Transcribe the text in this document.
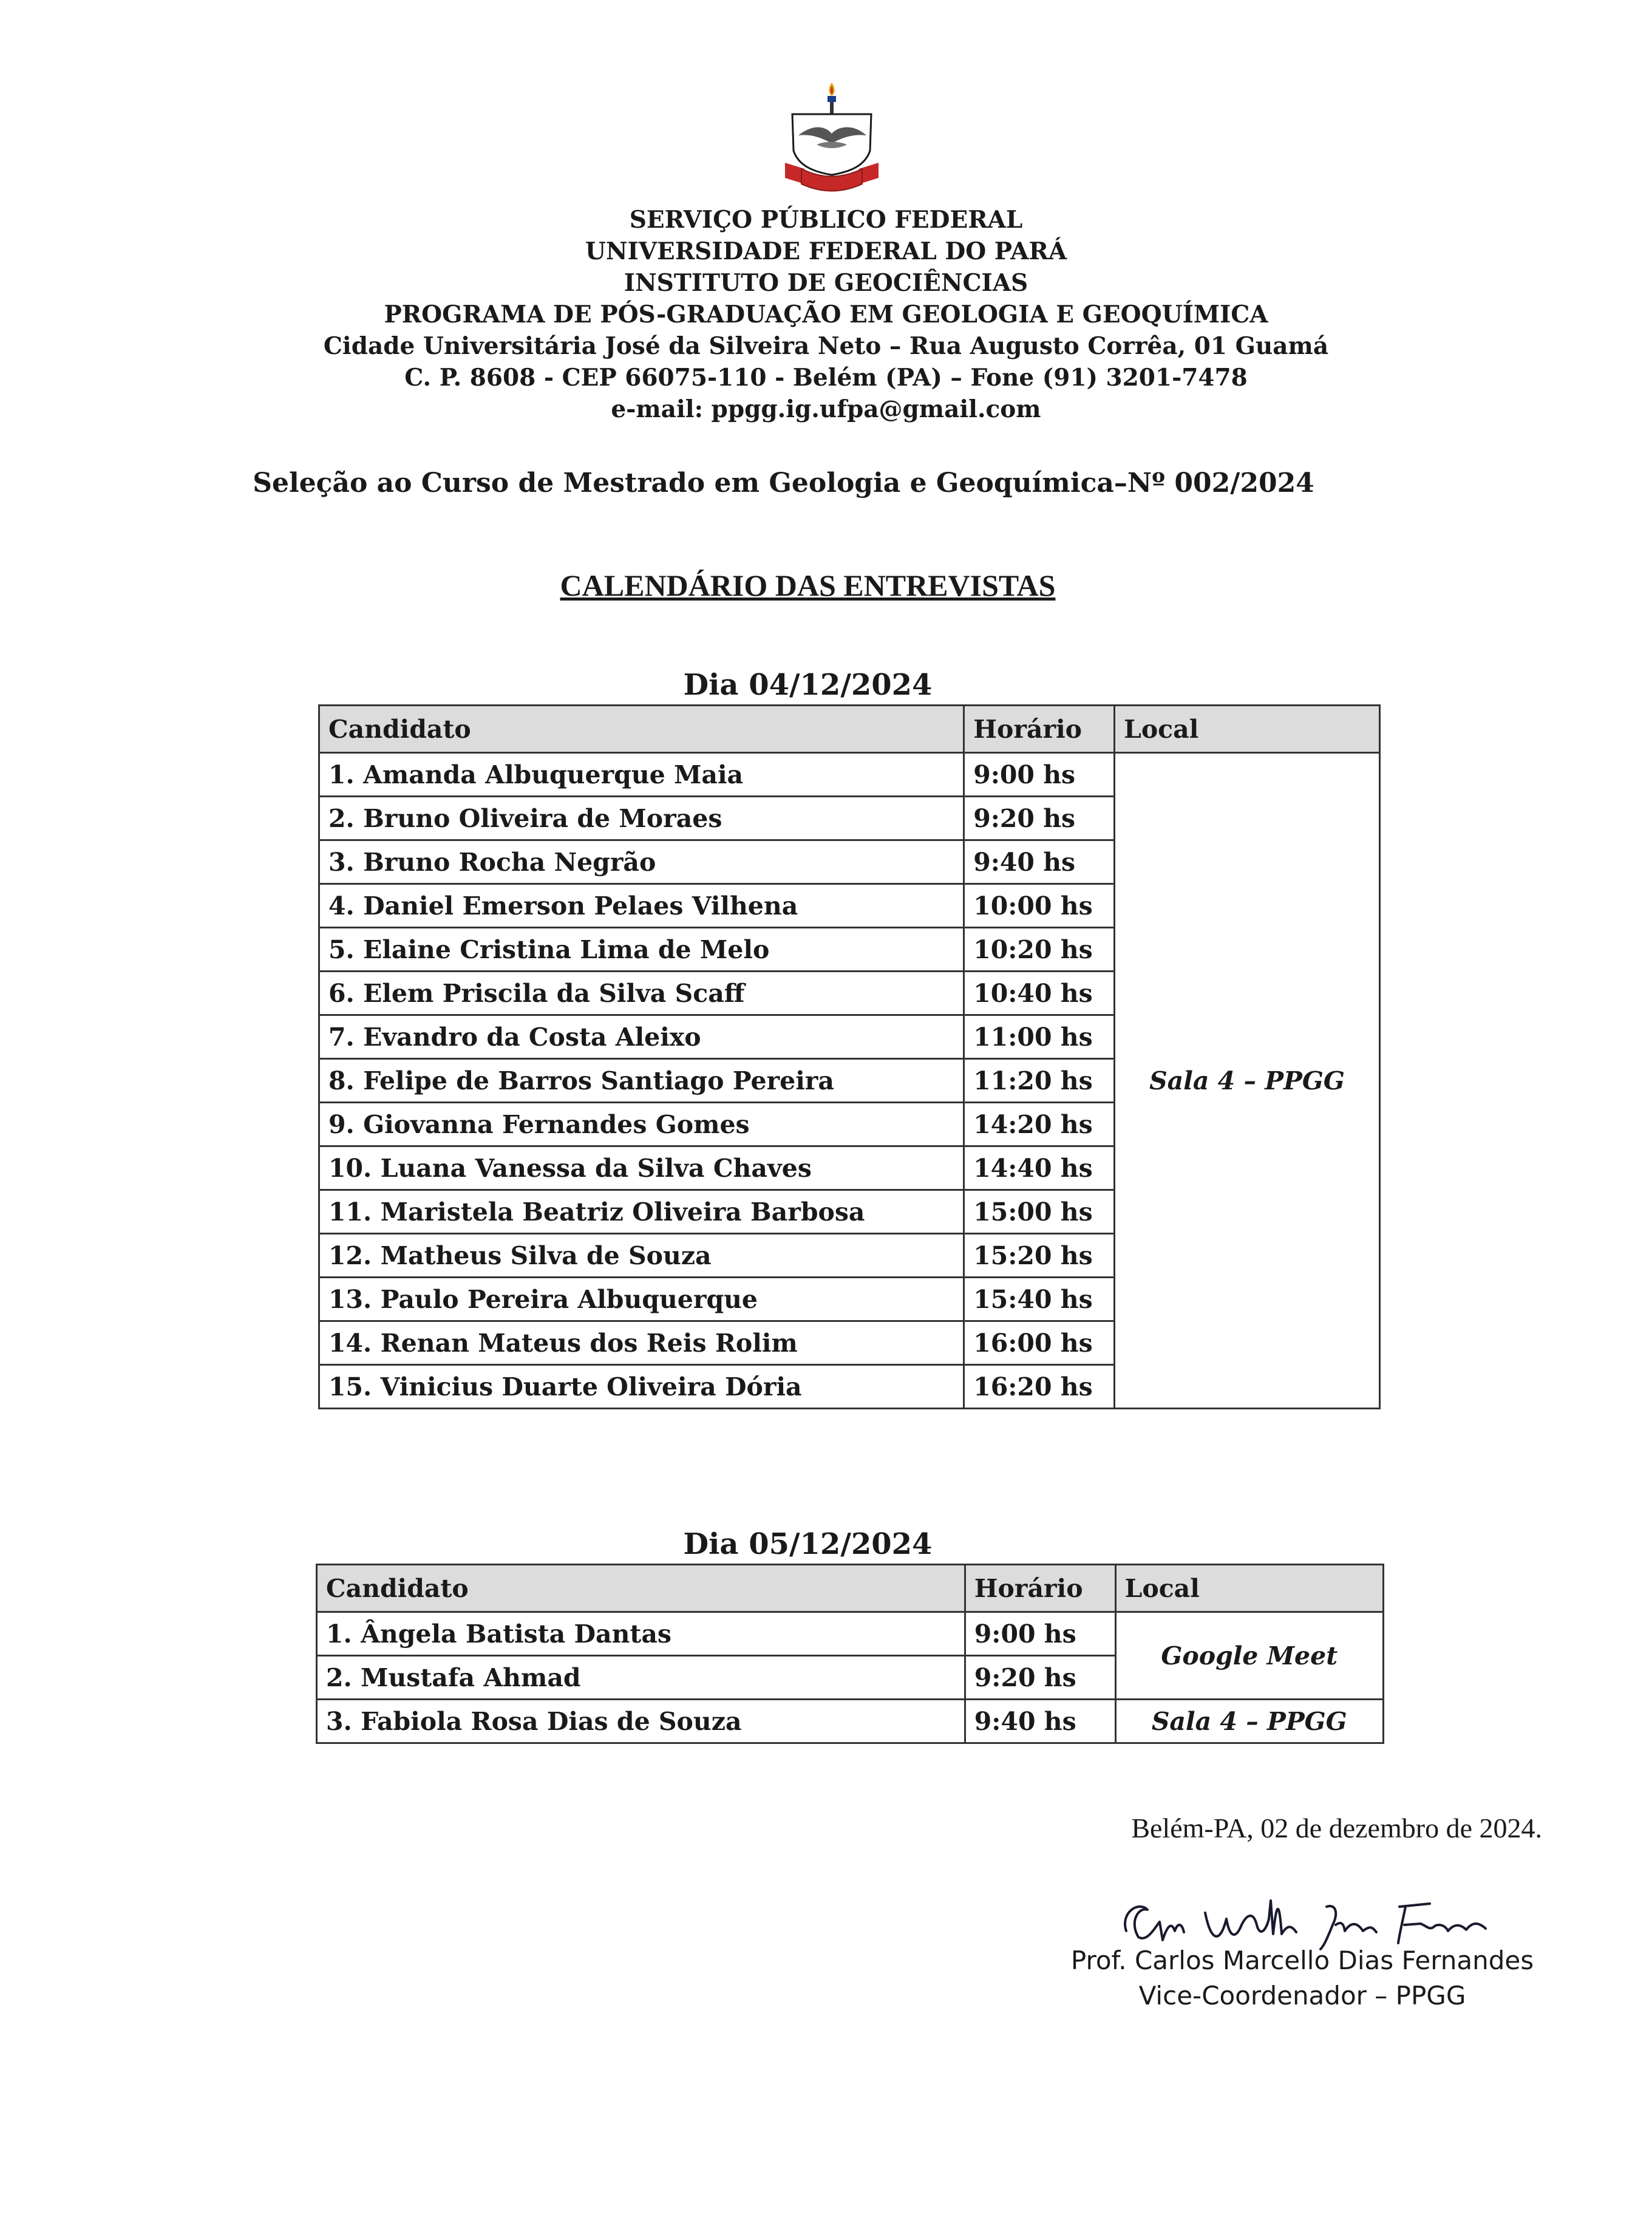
SERVIÇO PÚBLICO FEDERAL
UNIVERSIDADE FEDERAL DO PARÁ
INSTITUTO DE GEOCIÊNCIAS
PROGRAMA DE PÓS-GRADUAÇÃO EM GEOLOGIA E GEOQUÍMICA
Cidade Universitária José da Silveira Neto – Rua Augusto Corrêa, 01 Guamá
C. P. 8608 - CEP 66075-110 - Belém (PA) – Fone (91) 3201-7478
e-mail: ppgg.ig.ufpa@gmail.com
Seleção ao Curso de Mestrado em Geologia e Geoquímica–Nº 002/2024
CALENDÁRIO DAS ENTREVISTAS
Dia 04/12/2024
Candidato	Horário	Local
1. Amanda Albuquerque Maia	9:00 hs	Sala 4 – PPGG
2. Bruno Oliveira de Moraes	9:20 hs	
3. Bruno Rocha Negrão	9:40 hs	
4. Daniel Emerson Pelaes Vilhena	10:00 hs	
5. Elaine Cristina Lima de Melo	10:20 hs	
6. Elem Priscila da Silva Scaff	10:40 hs	
7. Evandro da Costa Aleixo	11:00 hs	
8. Felipe de Barros Santiago Pereira	11:20 hs	
9. Giovanna Fernandes Gomes	14:20 hs	
10. Luana Vanessa da Silva Chaves	14:40 hs	
11. Maristela Beatriz Oliveira Barbosa	15:00 hs	
12. Matheus Silva de Souza	15:20 hs	
13. Paulo Pereira Albuquerque	15:40 hs	
14. Renan Mateus dos Reis Rolim	16:00 hs	
15. Vinicius Duarte Oliveira Dória	16:20 hs	
Dia 05/12/2024
Candidato	Horário	Local
1. Ângela Batista Dantas	9:00 hs	Google Meet
2. Mustafa Ahmad	9:20 hs	
3. Fabiola Rosa Dias de Souza	9:40 hs	Sala 4 – PPGG
Belém-PA, 02 de dezembro de 2024.
Prof. Carlos Marcello Dias Fernandes
Vice-Coordenador – PPGG
